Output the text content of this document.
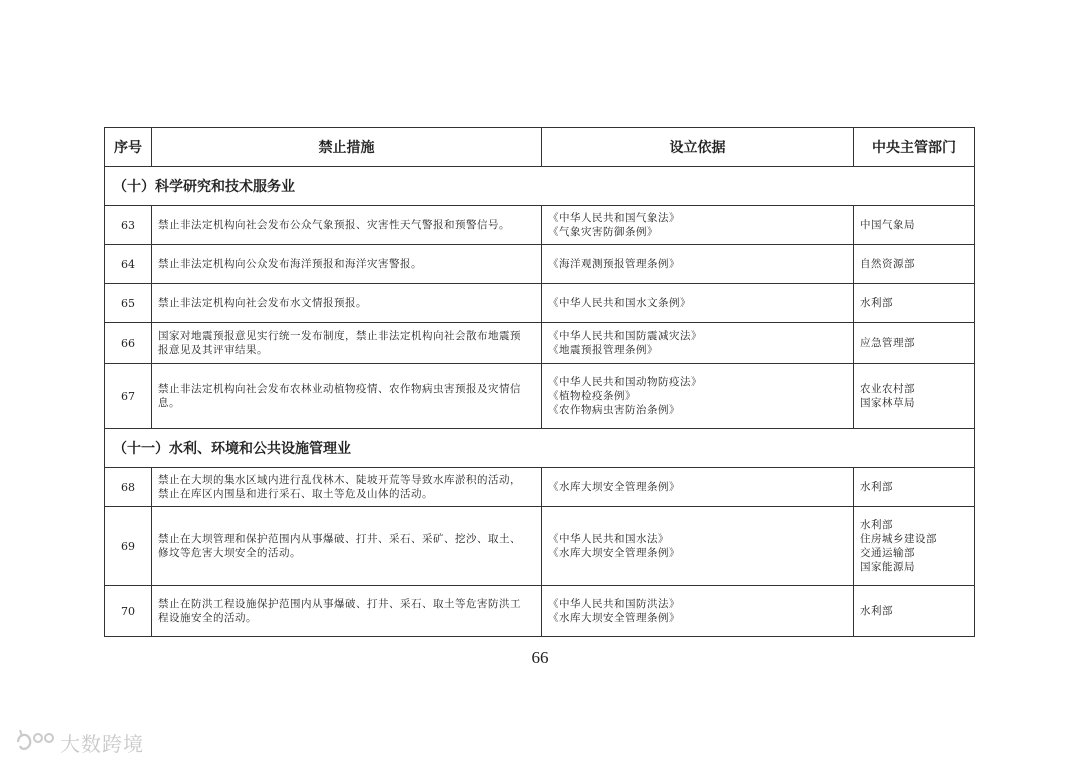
序号	禁止措施	设立依据	中央主管部门
（十）科学研究和技术服务业			
63	禁止非法定机构向社会发布公众气象预报、灾害性天气警报和预警信号。	《中华人民共和国气象法》
《气象灾害防御条例》	中国气象局

64	禁止非法定机构向公众发布海洋预报和海洋灾害警报。	《海洋观测预报管理条例》	自然资源部

65	禁止非法定机构向社会发布水文情报预报。	《中华人民共和国水文条例》	水利部

66	国家对地震预报意见实行统一发布制度，禁止非法定机构向社会散布地震预
报意见及其评审结果。	《中华人民共和国防震减灾法》
《地震预报管理条例》	应急管理部

67	禁止非法定机构向社会发布农林业动植物疫情、农作物病虫害预报及灾情信
息。	《中华人民共和国动物防疫法》
《植物检疫条例》
《农作物病虫害防治条例》	农业农村部
国家林草局

（十一）水利、环境和公共设施管理业			
68	禁止在大坝的集水区域内进行乱伐林木、陡坡开荒等导致水库淤积的活动，
禁止在库区内围垦和进行采石、取土等危及山体的活动。	《水库大坝安全管理条例》	水利部

69	禁止在大坝管理和保护范围内从事爆破、打井、采石、采矿、挖沙、取土、
修坟等危害大坝安全的活动。	《中华人民共和国水法》
《水库大坝安全管理条例》	水利部
住房城乡建设部
交通运输部
国家能源局

70	禁止在防洪工程设施保护范围内从事爆破、打井、采石、取土等危害防洪工
程设施安全的活动。	《中华人民共和国防洪法》
《水库大坝安全管理条例》	水利部
66
大数跨境
